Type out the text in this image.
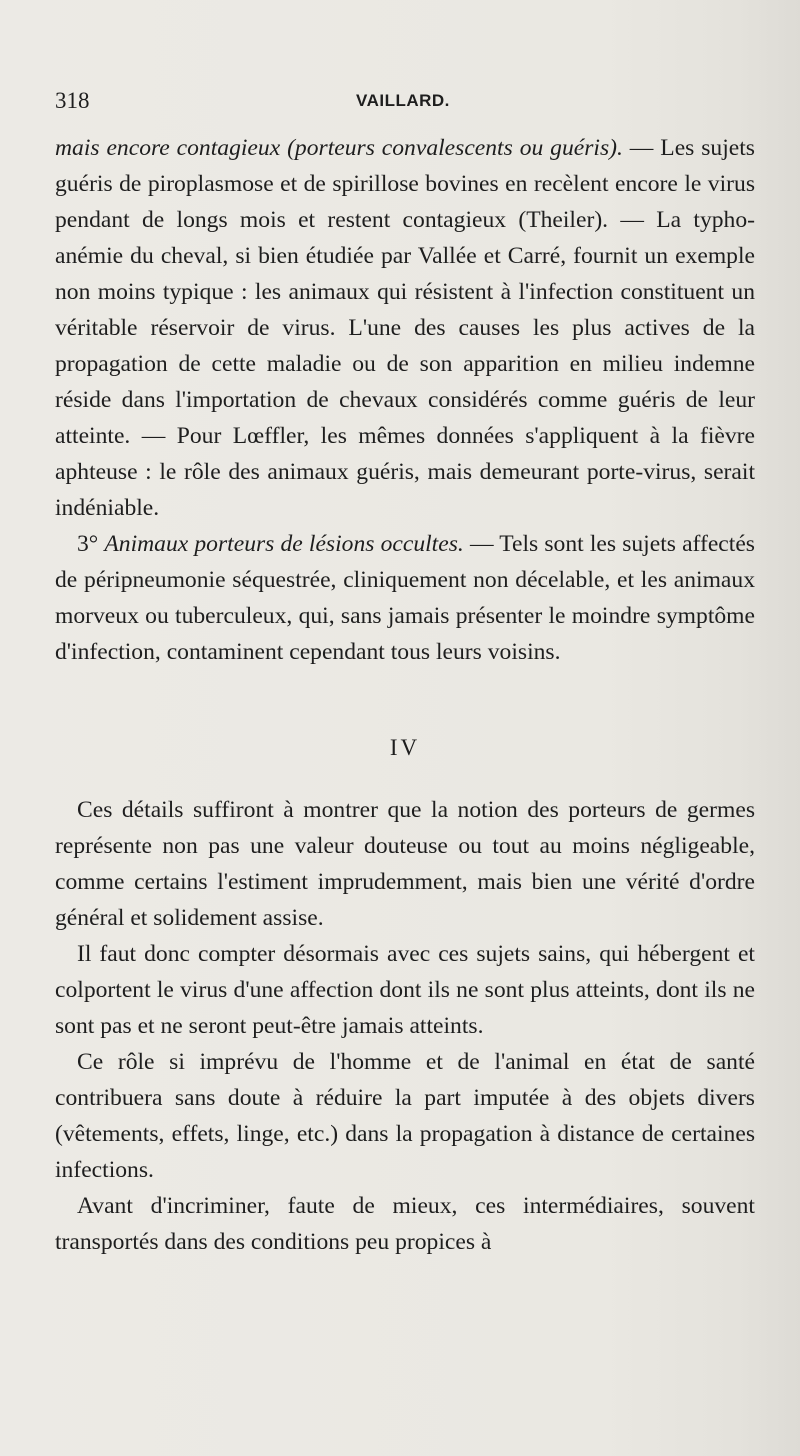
318	VAILLARD.

mais encore contagieux (porteurs convalescents ou guéris). — Les sujets guéris de piroplasmose et de spirillose bovines en recèlent encore le virus pendant de longs mois et restent contagieux (Theiler). — La typho-anémie du cheval, si bien étudiée par Vallée et Carré, fournit un exemple non moins typique : les animaux qui résistent à l'infection constituent un véritable réservoir de virus. L'une des causes les plus actives de la propagation de cette maladie ou de son apparition en milieu indemne réside dans l'importation de chevaux considérés comme guéris de leur atteinte. — Pour Lœffler, les mêmes données s'appliquent à la fièvre aphteuse : le rôle des animaux guéris, mais demeurant porte-virus, serait indéniable.

3° Animaux porteurs de lésions occultes. — Tels sont les sujets affectés de péripneumonie séquestrée, cliniquement non décelable, et les animaux morveux ou tuberculeux, qui, sans jamais présenter le moindre symptôme d'infection, contaminent cependant tous leurs voisins.

IV

Ces détails suffiront à montrer que la notion des porteurs de germes représente non pas une valeur douteuse ou tout au moins négligeable, comme certains l'estiment imprudemment, mais bien une vérité d'ordre général et solidement assise.

Il faut donc compter désormais avec ces sujets sains, qui hébergent et colportent le virus d'une affection dont ils ne sont plus atteints, dont ils ne sont pas et ne seront peut-être jamais atteints.

Ce rôle si imprévu de l'homme et de l'animal en état de santé contribuera sans doute à réduire la part imputée à des objets divers (vêtements, effets, linge, etc.) dans la propagation à distance de certaines infections.

Avant d'incriminer, faute de mieux, ces intermédiaires, souvent transportés dans des conditions peu propices à
